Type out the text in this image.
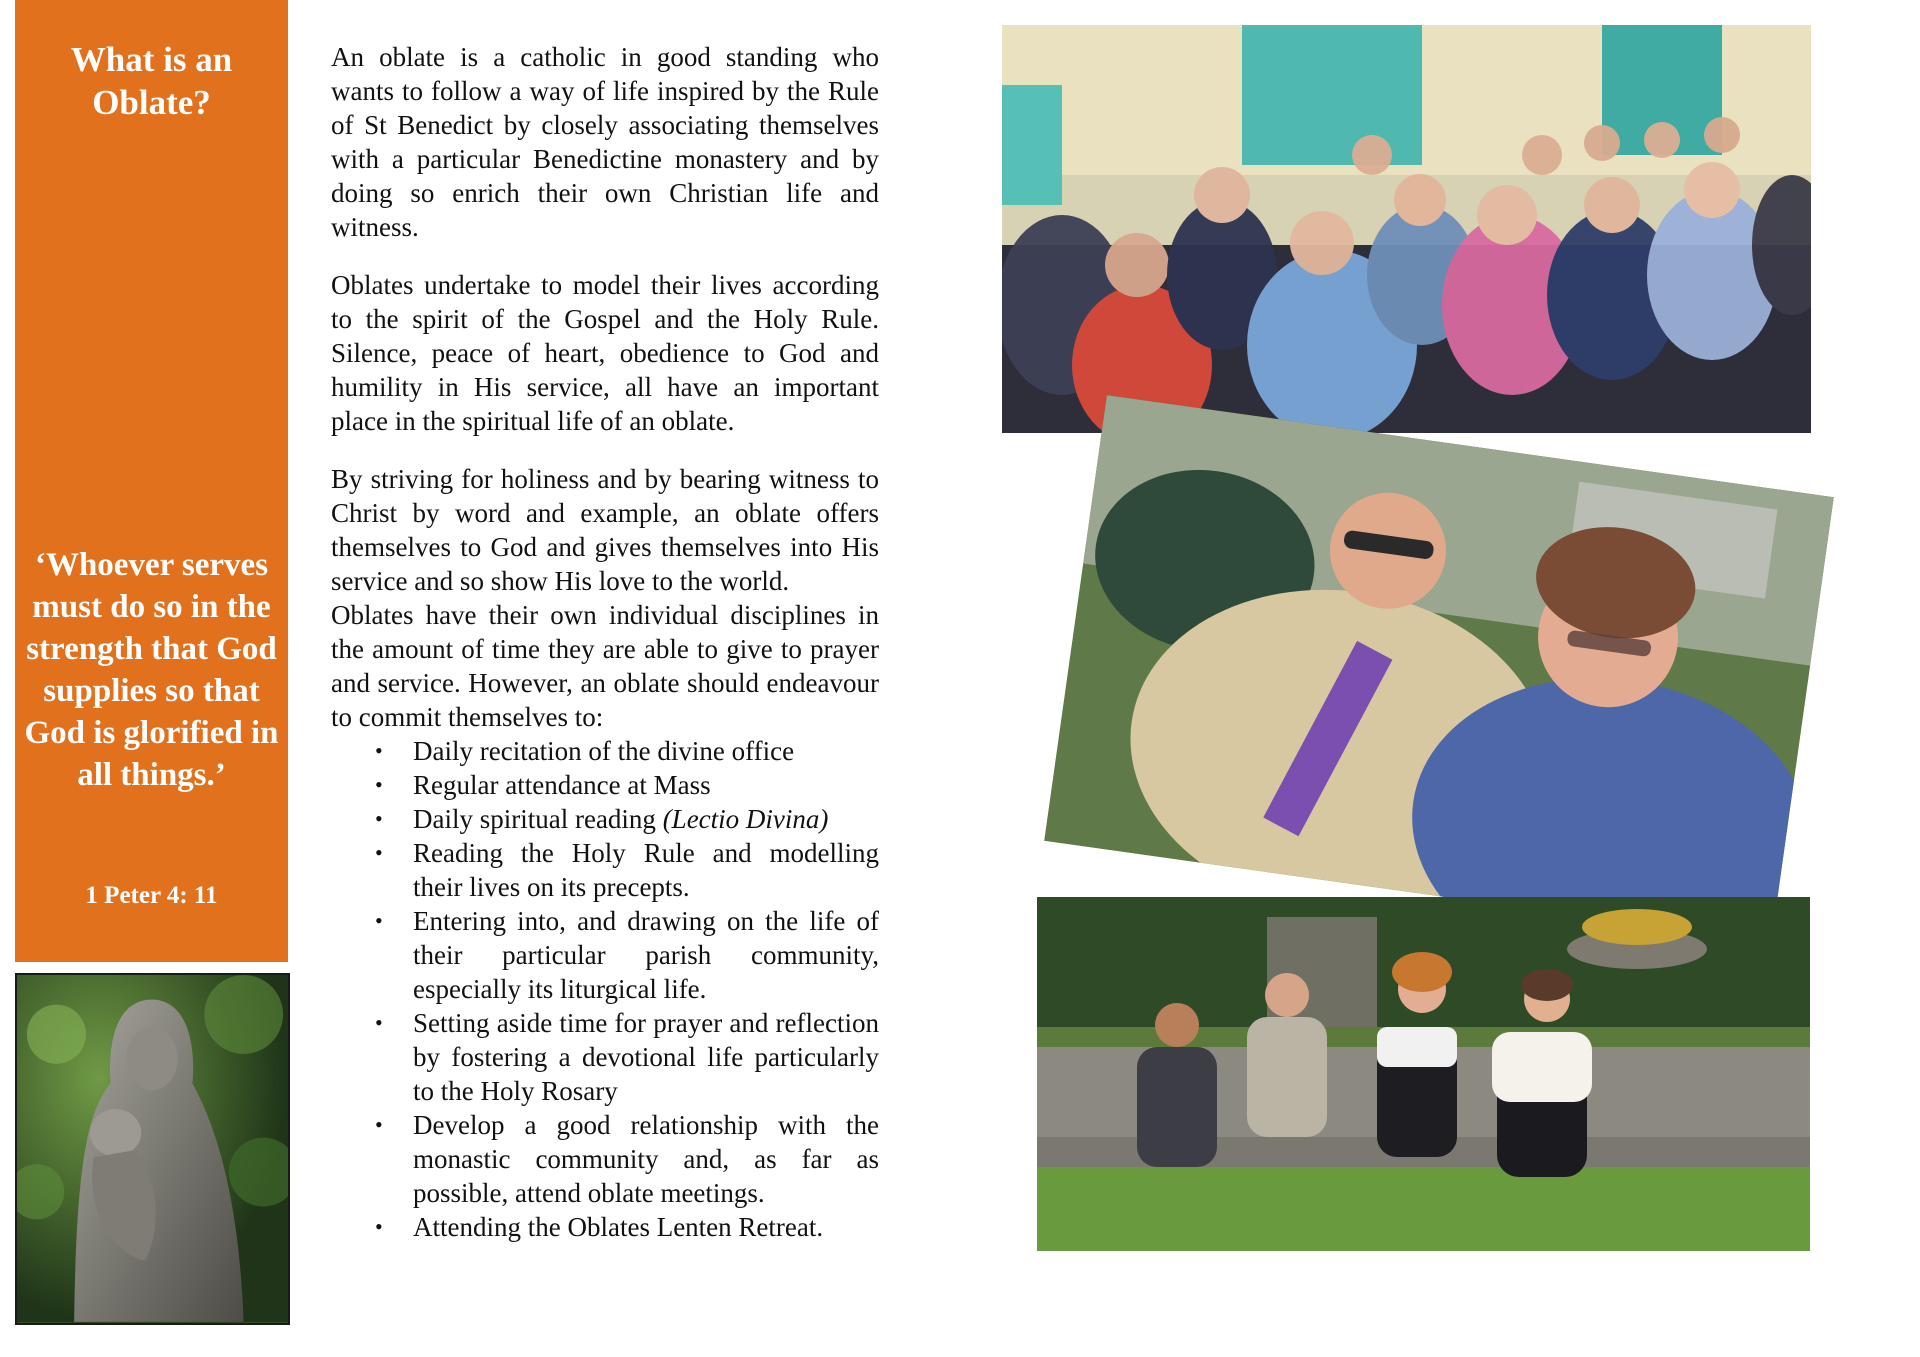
What is an Oblate?
‘Whoever serves must do so in the strength that God supplies so that God is glorified in all things.’
1 Peter 4: 11

An oblate is a catholic in good standing who wants to follow a way of life inspired by the Rule of St Benedict by closely associating themselves with a particular Benedictine monastery and by doing so enrich their own Christian life and witness.

Oblates undertake to model their lives according to the spirit of the Gospel and the Holy Rule. Silence, peace of heart, obedience to God and humility in His service, all have an important place in the spiritual life of an oblate.

By striving for holiness and by bearing witness to Christ by word and example, an oblate offers themselves to God and gives themselves into His service and so show His love to the world.

Oblates have their own individual disciplines in the amount of time they are able to give to prayer and service. However, an oblate should endeavour to commit themselves to:

• Daily recitation of the divine office
• Regular attendance at Mass
• Daily spiritual reading (Lectio Divina)
• Reading the Holy Rule and modelling their lives on its precepts.
• Entering into, and drawing on the life of their particular parish community, especially its liturgical life.
• Setting aside time for prayer and reflection by fostering a devotional life particularly to the Holy Rosary
• Develop a good relationship with the monastic community and, as far as possible, attend oblate meetings.
• Attending the Oblates Lenten Retreat.
